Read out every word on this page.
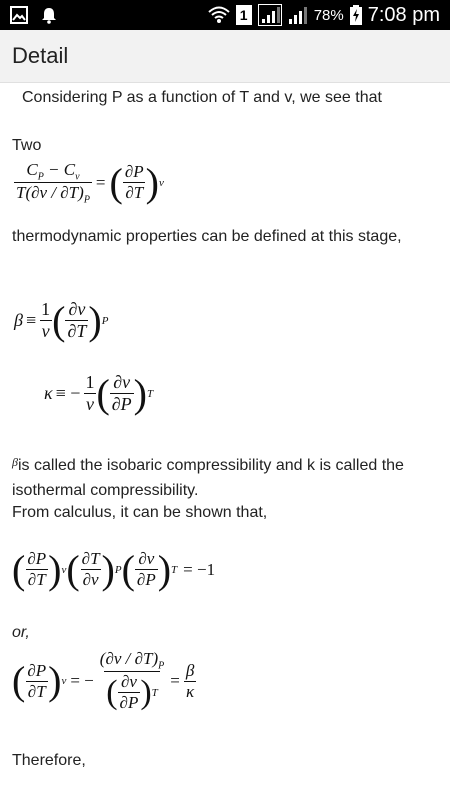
1	78% 7:08 pm
Detail
Considering P as a function of T and v, we see that
Two
$\frac{C_P - C_v}{T(\partial v / \partial T)_P}$ = ( $\frac{\partial P}{\partial T}$ ) v
thermodynamic properties can be defined at this stage,
$\beta \equiv \frac{1}{v}$ ( $\frac{\partial v}{\partial T}$ ) P
κ ≡ − $\frac{1}{v}$ ( $\frac{\partial v}{\partial P}$ ) T
$^\beta$is called the isobaric compressibility and k is called the isothermal compressibility.
From calculus, it can be shown that,
( $\frac{\partial P}{\partial T}$ ) v ( $\frac{\partial T}{\partial v}$ ) P ( $\frac{\partial v}{\partial P}$ ) T = −1
or,
( $\frac{\partial P}{\partial T}$ ) v = − $\frac{(\partial v / \partial T)_P}{( \frac{\partial v}{\partial P} ) T} = \frac{\beta}{\kappa}$
Therefore,
